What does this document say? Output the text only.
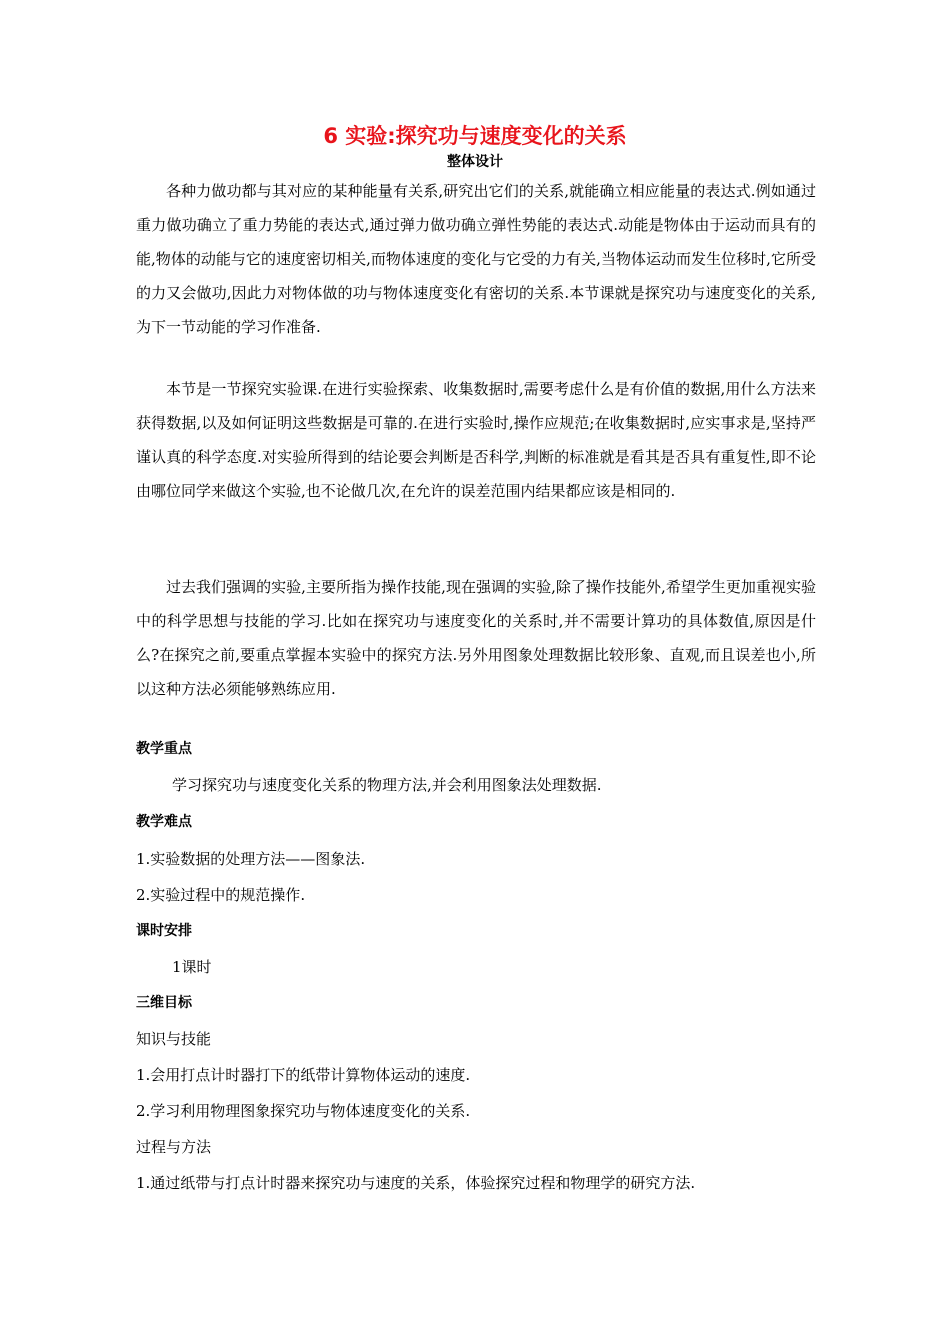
6 实验:探究功与速度变化的关系
整体设计

各种力做功都与其对应的某种能量有关系,研究出它们的关系,就能确立相应能量的表达式.例如通过重力做功确立了重力势能的表达式,通过弹力做功确立弹性势能的表达式.动能是物体由于运动而具有的能,物体的动能与它的速度密切相关,而物体速度的变化与它受的力有关,当物体运动而发生位移时,它所受的力又会做功,因此力对物体做的功与物体速度变化有密切的关系.本节课就是探究功与速度变化的关系,为下一节动能的学习作准备.

本节是一节探究实验课.在进行实验探索、收集数据时,需要考虑什么是有价值的数据,用什么方法来获得数据,以及如何证明这些数据是可靠的.在进行实验时,操作应规范;在收集数据时,应实事求是,坚持严谨认真的科学态度.对实验所得到的结论要会判断是否科学,判断的标准就是看其是否具有重复性,即不论由哪位同学来做这个实验,也不论做几次,在允许的误差范围内结果都应该是相同的.

过去我们强调的实验,主要所指为操作技能,现在强调的实验,除了操作技能外,希望学生更加重视实验中的科学思想与技能的学习.比如在探究功与速度变化的关系时,并不需要计算功的具体数值,原因是什么?在探究之前,要重点掌握本实验中的探究方法.另外用图象处理数据比较形象、直观,而且误差也小,所以这种方法必须能够熟练应用.

教学重点

学习探究功与速度变化关系的物理方法,并会利用图象法处理数据.

教学难点

1.实验数据的处理方法——图象法.

2.实验过程中的规范操作.

课时安排

1课时

三维目标

知识与技能

1.会用打点计时器打下的纸带计算物体运动的速度.

2.学习利用物理图象探究功与物体速度变化的关系.

过程与方法

1.通过纸带与打点计时器来探究功与速度的关系，体验探究过程和物理学的研究方法.
